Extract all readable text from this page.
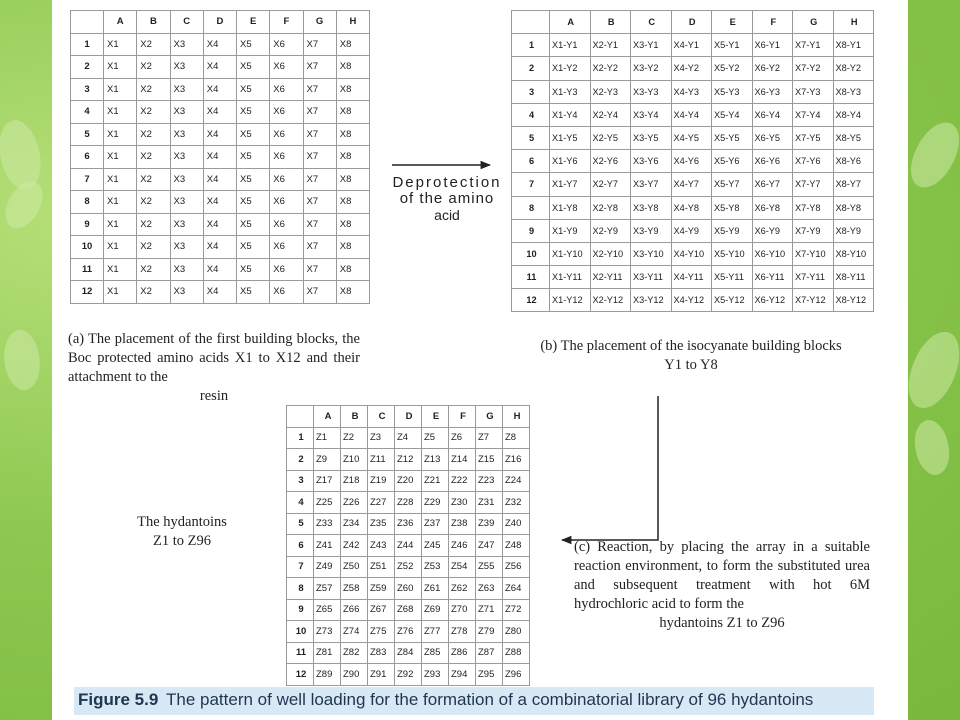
	A	B	C	D	E	F	G	H
1	X1	X2	X3	X4	X5	X6	X7	X8
2	X1	X2	X3	X4	X5	X6	X7	X8
3	X1	X2	X3	X4	X5	X6	X7	X8
4	X1	X2	X3	X4	X5	X6	X7	X8
5	X1	X2	X3	X4	X5	X6	X7	X8
6	X1	X2	X3	X4	X5	X6	X7	X8
7	X1	X2	X3	X4	X5	X6	X7	X8
8	X1	X2	X3	X4	X5	X6	X7	X8
9	X1	X2	X3	X4	X5	X6	X7	X8
10	X1	X2	X3	X4	X5	X6	X7	X8
11	X1	X2	X3	X4	X5	X6	X7	X8
12	X1	X2	X3	X4	X5	X6	X7	X8
	A	B	C	D	E	F	G	H
1	X1-Y1	X2-Y1	X3-Y1	X4-Y1	X5-Y1	X6-Y1	X7-Y1	X8-Y1
2	X1-Y2	X2-Y2	X3-Y2	X4-Y2	X5-Y2	X6-Y2	X7-Y2	X8-Y2
3	X1-Y3	X2-Y3	X3-Y3	X4-Y3	X5-Y3	X6-Y3	X7-Y3	X8-Y3
4	X1-Y4	X2-Y4	X3-Y4	X4-Y4	X5-Y4	X6-Y4	X7-Y4	X8-Y4
5	X1-Y5	X2-Y5	X3-Y5	X4-Y5	X5-Y5	X6-Y5	X7-Y5	X8-Y5
6	X1-Y6	X2-Y6	X3-Y6	X4-Y6	X5-Y6	X6-Y6	X7-Y6	X8-Y6
7	X1-Y7	X2-Y7	X3-Y7	X4-Y7	X5-Y7	X6-Y7	X7-Y7	X8-Y7
8	X1-Y8	X2-Y8	X3-Y8	X4-Y8	X5-Y8	X6-Y8	X7-Y8	X8-Y8
9	X1-Y9	X2-Y9	X3-Y9	X4-Y9	X5-Y9	X6-Y9	X7-Y9	X8-Y9
10	X1-Y10	X2-Y10	X3-Y10	X4-Y10	X5-Y10	X6-Y10	X7-Y10	X8-Y10
11	X1-Y11	X2-Y11	X3-Y11	X4-Y11	X5-Y11	X6-Y11	X7-Y11	X8-Y11
12	X1-Y12	X2-Y12	X3-Y12	X4-Y12	X5-Y12	X6-Y12	X7-Y12	X8-Y12
	A	B	C	D	E	F	G	H
1	Z1	Z2	Z3	Z4	Z5	Z6	Z7	Z8
2	Z9	Z10	Z11	Z12	Z13	Z14	Z15	Z16
3	Z17	Z18	Z19	Z20	Z21	Z22	Z23	Z24
4	Z25	Z26	Z27	Z28	Z29	Z30	Z31	Z32
5	Z33	Z34	Z35	Z36	Z37	Z38	Z39	Z40
6	Z41	Z42	Z43	Z44	Z45	Z46	Z47	Z48
7	Z49	Z50	Z51	Z52	Z53	Z54	Z55	Z56
8	Z57	Z58	Z59	Z60	Z61	Z62	Z63	Z64
9	Z65	Z66	Z67	Z68	Z69	Z70	Z71	Z72
10	Z73	Z74	Z75	Z76	Z77	Z78	Z79	Z80
11	Z81	Z82	Z83	Z84	Z85	Z86	Z87	Z88
12	Z89	Z90	Z91	Z92	Z93	Z94	Z95	Z96
Deprotection
of the amino
acid
(a) The placement of the first building blocks, the Boc protected amino acids X1 to X12 and their attachment to the
resin
(b) The placement of the isocyanate building blocks
Y1 to Y8
The hydantoins
Z1 to Z96	(c) Reaction, by placing the array in a suitable reaction environment, to form the substituted urea and subsequent treatment with hot 6M hydrochloric acid to form the
hydantoins Z1 to Z96
Figure 5.9 The pattern of well loading for the formation of a combinatorial library of 96 hydantoins
